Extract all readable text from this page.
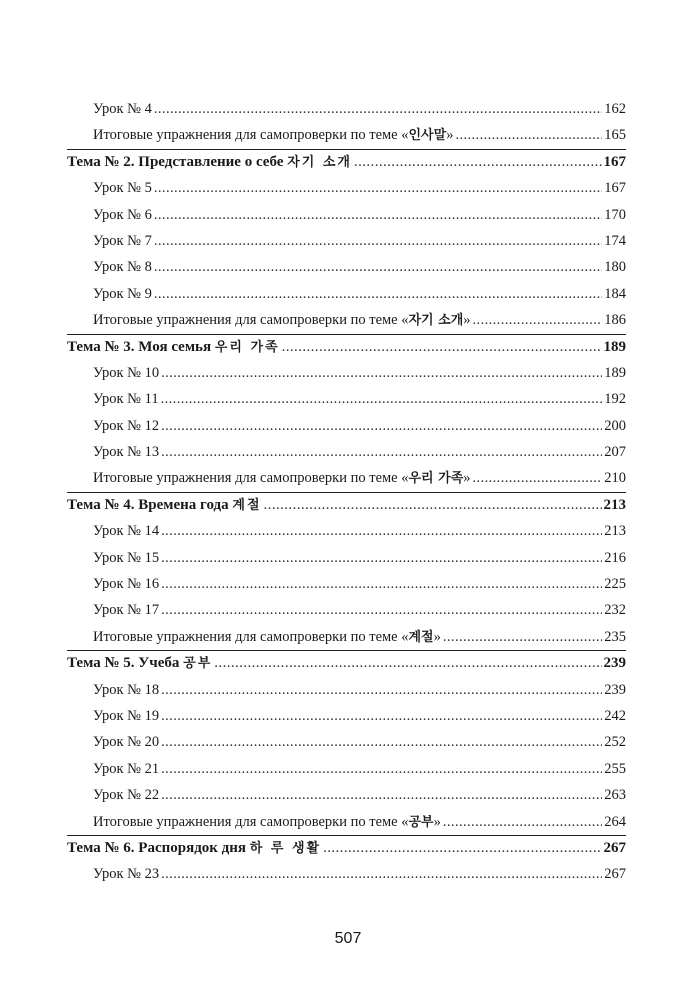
Урок № 4 .....	162
Итоговые упражнения для самопроверки по теме «인사말» .....	165
Тема № 2. Представление о себе 자기 소개 .....	167
Урок № 5 .....	167
Урок № 6 .....	170
Урок № 7 .....	174
Урок № 8 .....	180
Урок № 9 .....	184
Итоговые упражнения для самопроверки по теме «자기 소개» .....	186
Тема № 3. Моя семья 우리 가족 .....	189
Урок № 10 .....	189
Урок № 11 .....	192
Урок № 12 .....	200
Урок № 13 .....	207
Итоговые упражнения для самопроверки по теме «우리 가족» .....	210
Тема № 4. Времена года 계절 .....	213
Урок № 14 .....	213
Урок № 15 .....	216
Урок № 16 .....	225
Урок № 17 .....	232
Итоговые упражнения для самопроверки по теме «계절» .....	235
Тема № 5. Учеба 공부 .....	239
Урок № 18 .....	239
Урок № 19 .....	242
Урок № 20 .....	252
Урок № 21 .....	255
Урок № 22 .....	263
Итоговые упражнения для самопроверки по теме «공부» .....	264
Тема № 6. Распорядок дня 하 루 생활 .....	267
Урок № 23 .....	267
507
